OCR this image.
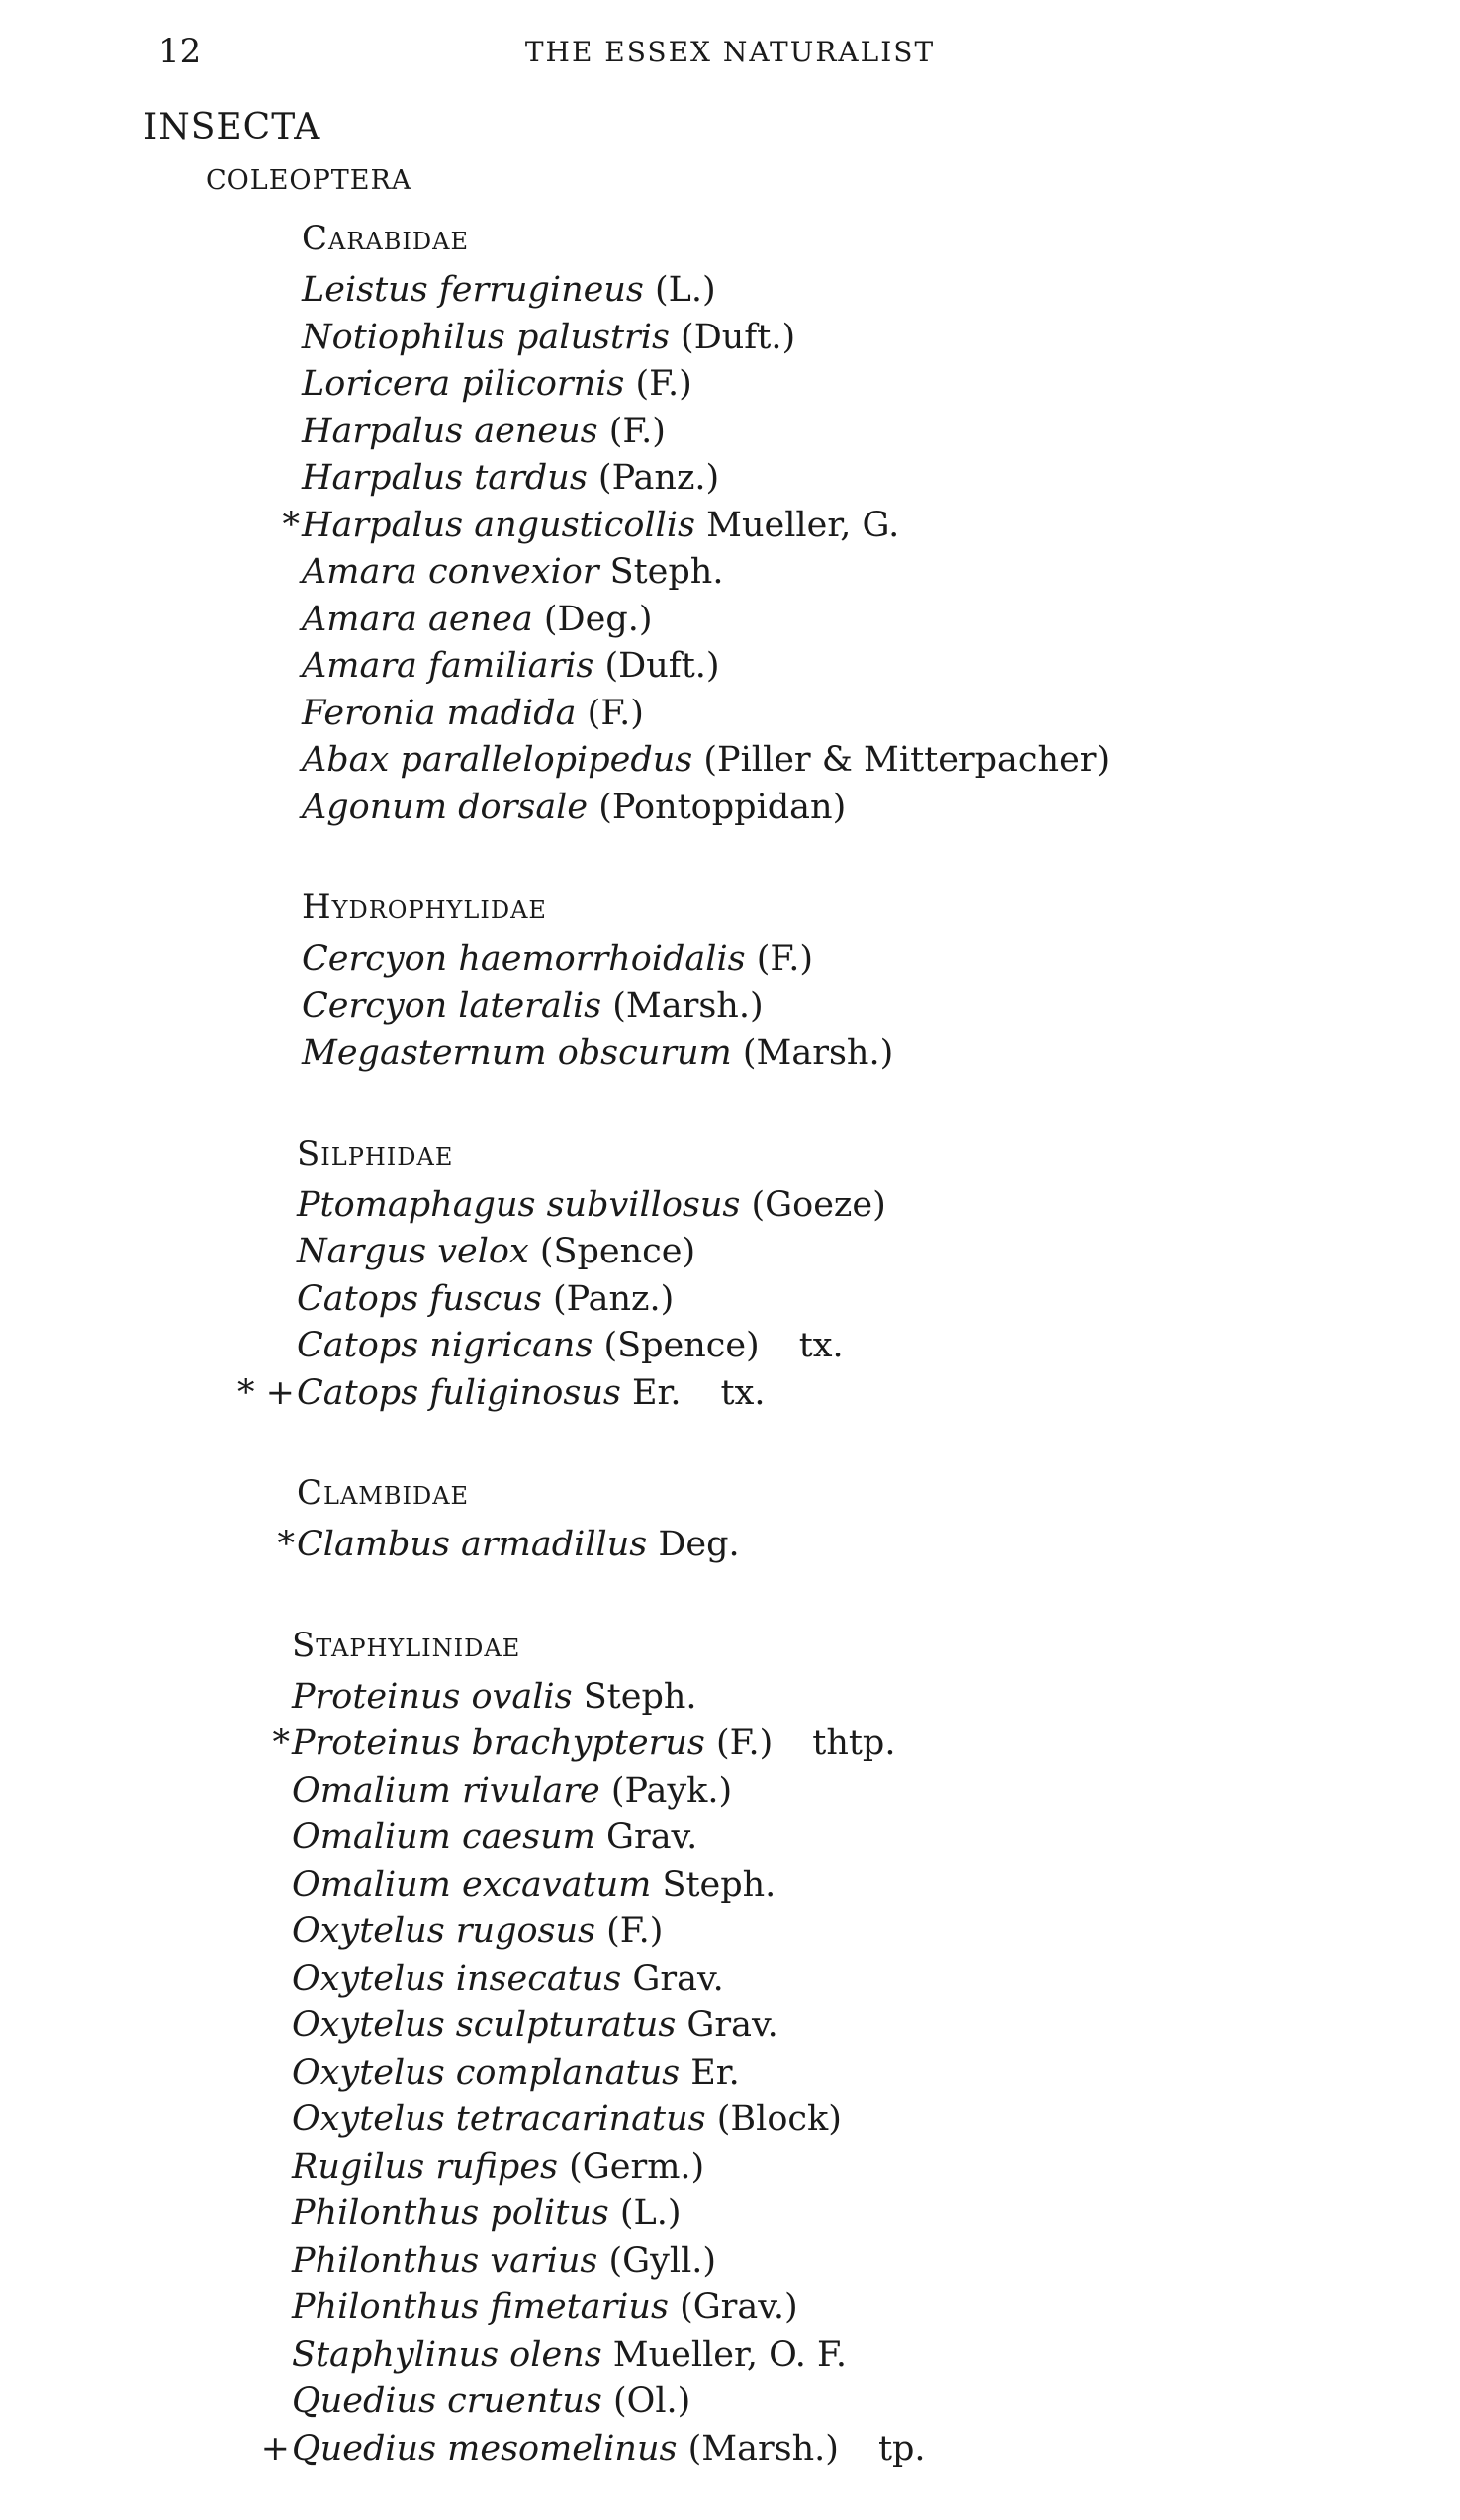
12	THE ESSEX NATURALIST
INSECTA
COLEOPTERA
Carabidae
Leistus ferrugineus (L.)
Notiophilus palustris (Duft.)
Loricera pilicornis (F.)
Harpalus aeneus (F.)
Harpalus tardus (Panz.)
* Harpalus angusticollis Mueller, G.
Amara convexior Steph.
Amara aenea (Deg.)
Amara familiaris (Duft.)
Feronia madida (F.)
Abax parallelopipedus (Piller & Mitterpacher)
Agonum dorsale (Pontoppidan)
Hydrophylidae
Cercyon haemorrhoidalis (F.)
Cercyon lateralis (Marsh.)
Megasternum obscurum (Marsh.)
Silphidae
Ptomaphagus subvillosus (Goeze)
Nargus velox (Spence)
Catops fuscus (Panz.)
Catops nigricans (Spence) tx.
* + Catops fuliginosus Er. tx.
Clambidae
* Clambus armadillus Deg.
Staphylinidae
Proteinus ovalis Steph.
* Proteinus brachypterus (F.) thtp.
Omalium rivulare (Payk.)
Omalium caesum Grav.
Omalium excavatum Steph.
Oxytelus rugosus (F.)
Oxytelus insecatus Grav.
Oxytelus sculpturatus Grav.
Oxytelus complanatus Er.
Oxytelus tetracarinatus (Block)
Rugilus rufipes (Germ.)
Philonthus politus (L.)
Philonthus varius (Gyll.)
Philonthus fimetarius (Grav.)
Staphylinus olens Mueller, O. F.
Quedius cruentus (Ol.)
+ Quedius mesomelinus (Marsh.) tp.
